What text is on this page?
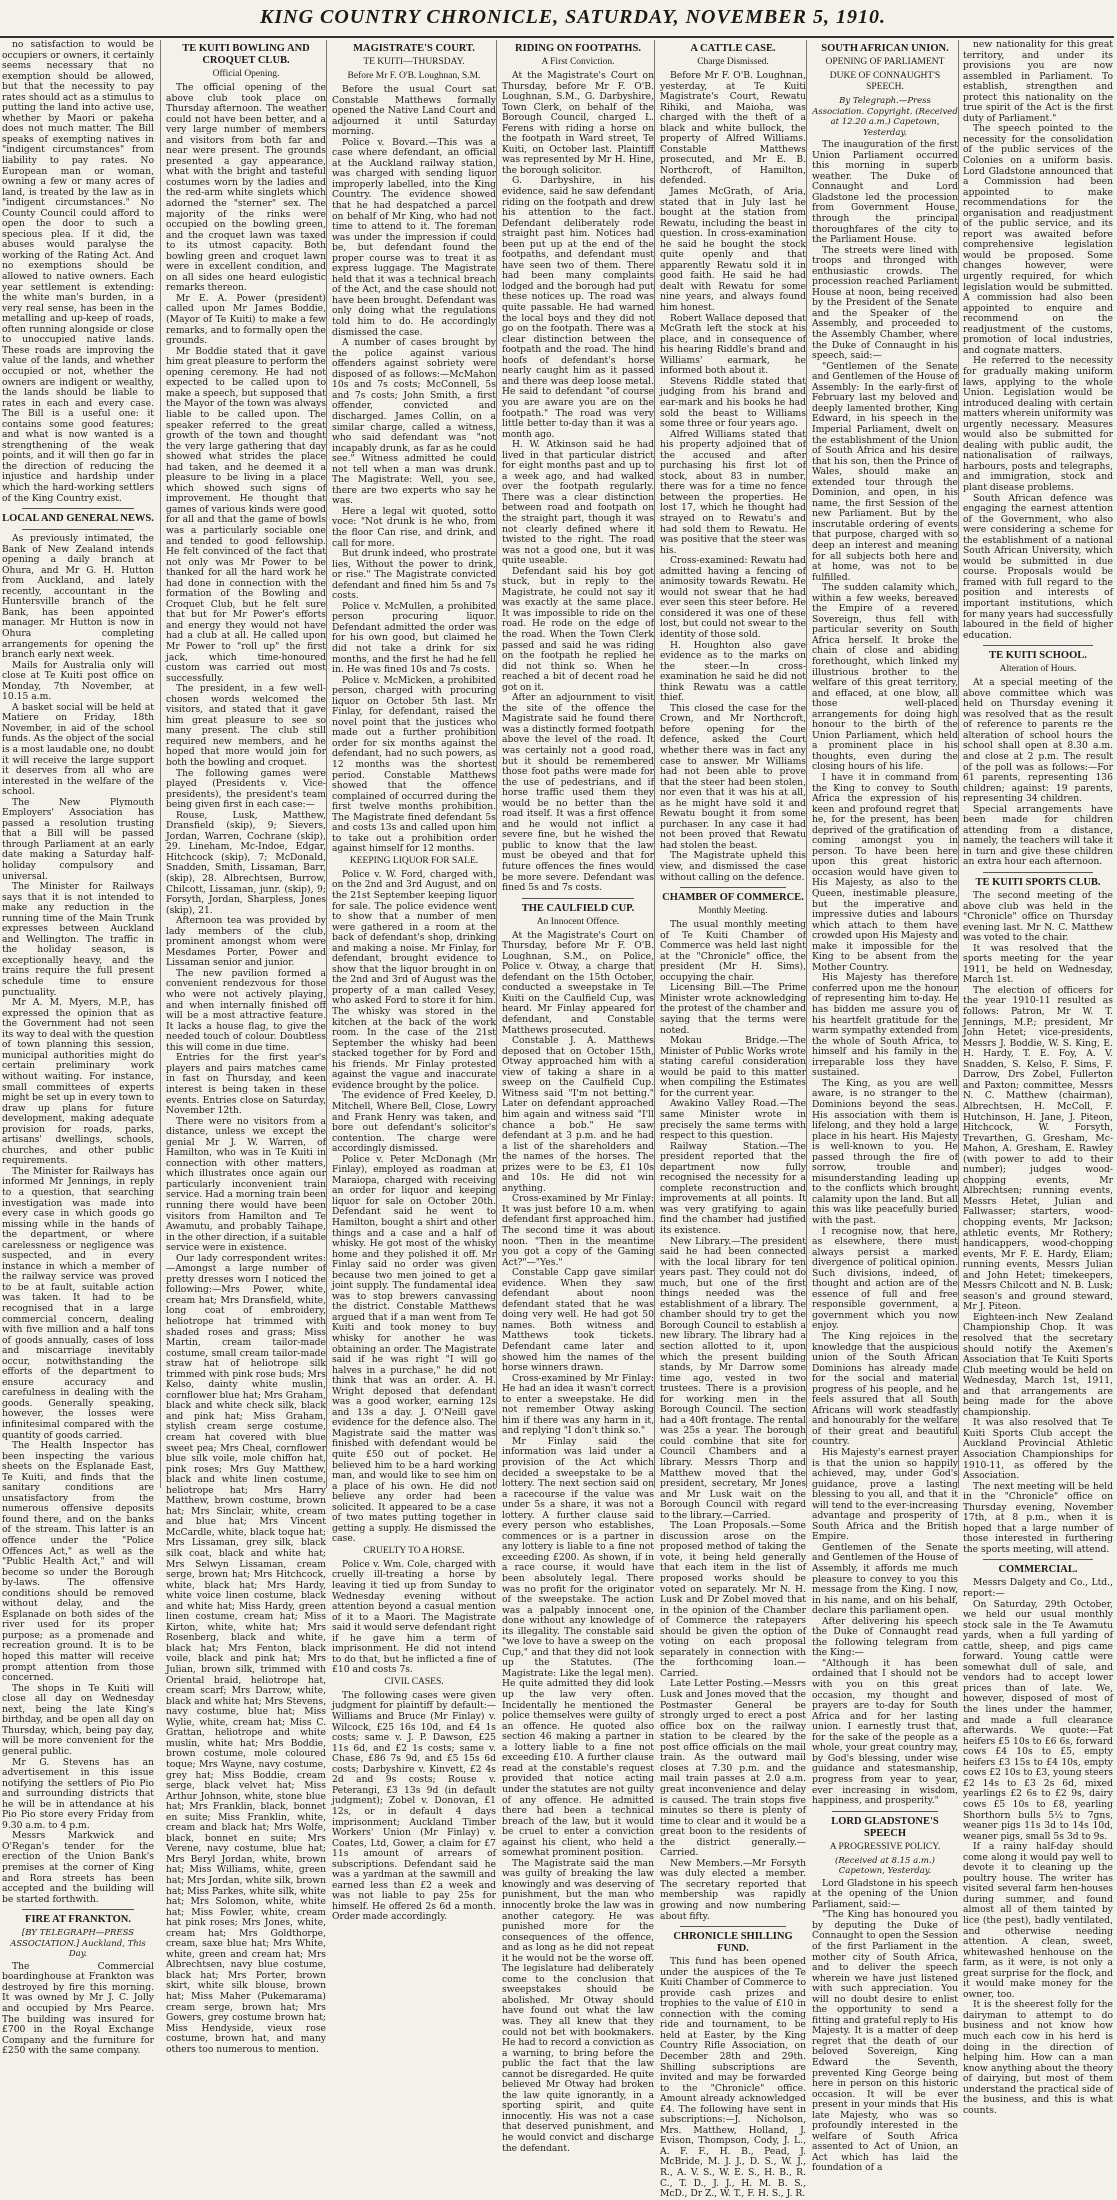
KING COUNTRY CHRONICLE, SATURDAY, NOVEMBER 5, 1910.

no satisfaction to would be occupiers or owners, it certainly seems necessary that no exemption should be allowed, but that the necessity to pay rates should act as a stimulus to putting the land into active use, whether by Maori or pakeha does not much matter. The Bill speaks of exempting natives in "indigent circumstances" from liability to pay rates. No European man or woman, owning a few or many acres of land, is treated by the law as in "indigent circumstances." No County Council could afford to open the door to such a specious plea. If it did, the abuses would paralyse the working of the Rating Act. And no exemptions should be allowed to native owners. Each year settlement is extending: the white man's burden, in a very real sense, has been in the metalling and up-keep of roads, often running alongside or close to unoccupied native lands. These roads are improving the value of the lands, and whether occupied or not, whether the owners are indigent or wealthy, the lands should be liable to rates in each and every case. The Bill is a useful one: it contains some good features; and what is now wanted is a strengthening of the weak points, and it will then go far in the direction of reducing the injustice and hardship under which the hard-working settlers of the King Country exist.

LOCAL AND GENERAL NEWS.

As previously intimated, the Bank of New Zealand intends opening a daily branch at Ohura, and Mr G. H. Hutton from Auckland, and lately recently, accountant in the Huntersville branch of the Bank, has been appointed manager. Mr Hutton is now in Ohura completing arrangements for opening the branch early next week.

Mails for Australia only will close at Te Kuiti post office on Monday, 7th November, at 10.15 a.m.

A basket social will be held at Matiere on Friday, 18th November, in aid of the school funds. As the object of the social is a most laudable one, no doubt it will receive the large support it deserves from all who are interested in the welfare of the school.

The New Plymouth Employers' Association has passed a resolution trusting that a Bill will be passed through Parliament at an early date making a Saturday half-holiday compulsory and universal.

The Minister for Railways says that it is not intended to make any reduction in the running time of the Main Trunk expresses between Auckland and Wellington. The traffic in the holiday season, is exceptionally heavy, and the trains require the full present schedule time to ensure punctuality.

Mr A. M. Myers, M.P., has expressed the opinion that as the Government had not seen its way to deal with the question of town planning this session, municipal authorities might do certain preliminary work without waiting. For instance, small committees of experts might be set up in every town to draw up plans for future development, making adequate provision for roads, parks, artisans' dwellings, schools, churches, and other public requirements.

The Minister for Railways has informed Mr Jennings, in reply to a question, that searching investigation was made into every case in which goods go missing while in the hands of the department, or where carelessness or negligence was suspected, and in every instance in which a member of the railway service was proved to be at fault, suitable action was taken. It had to be recognised that in a large commercial concern, dealing with five million and a half tons of goods annually, cases of loss and miscarriage inevitably occur, notwithstanding the efforts of the department to ensure accuracy and carefulness in dealing with the goods. Generally speaking, however, the losses were infinitesimal compared with the quantity of goods carried.

The Health Inspector has been inspecting the various sheets on the Esplanade East, Te Kuiti, and finds that the sanitary conditions are unsatisfactory from the numerous offensive deposits found there, and on the banks of the stream. This latter is an offence under the "Police Offences Act," as well as the "Public Health Act," and will become so under the Borough by-laws. The offensive conditions should be removed without delay, and the Esplanade on both sides of the river used for its proper purpose; as a promenade and recreation ground. It is to be hoped this matter will receive prompt attention from those concerned.

The shops in Te Kuiti will close all day on Wednesday next, being the late King's birthday, and be open all day on Thursday, which, being pay day, will be more convenient for the general public.

Mr G. Stevens has an advertisement in this issue notifying the settlers of Pio Pio and surrounding districts that he will be in attendance at his Pio Pio store every Friday from 9.30 a.m. to 4 p.m.

Messrs Markwick and O'Regan's tender for the erection of the Union Bank's premises at the corner of King and Rora streets has been accepted and the building will be started forthwith.

FIRE AT FRANKTON.
[BY TELEGRAPH—PRESS ASSOCIATION.] Auckland, This Day.

The Commercial boardinghouse at Frankton was destroyed by fire this morning. It was owned by Mr J. C. Jolly and occupied by Mrs Pearce. The building was insured for £700 in the Royal Exchange Company and the furniture for £250 with the same company.

TE KUITI BOWLING AND CROQUET CLUB.
Official Opening.

The official opening of the above club took place on Thursday afternoon. The weather could not have been better, and a very large number of members and visitors from both far and near were present. The grounds presented a gay appearance, what with the bright and tasteful costumes worn by the ladies and the red-arm white singlets which adorned the "sterner" sex. The majority of the rinks were occupied on the bowling green, and the croquet lawn was taxed to its utmost capacity. Both bowling green and croquet lawn were in excellent condition, and on all sides one heard eulogistic remarks thereon.

Mr E. A. Power (president) called upon Mr James Boddie, (Mayor of Te Kuiti) to make a few remarks, and to formally open the grounds.

Mr Boddie stated that it gave him great pleasure to perform the opening ceremony. He had not expected to be called upon to make a speech, but supposed that the Mayor of the town was always liable to be called upon. The speaker referred to the great growth of the town and thought the very large gathering that day showed what strides the place had taken, and he deemed it a pleasure to be living in a place which showed such signs of improvement. He thought that games of various kinds were good for all and that the game of bowls was a particularly sociable one and tended to good fellowship. He felt convinced of the fact that not only was Mr Power to be thanked for all the hard work he had done in connection with the formation of the Bowling and Croquet Club, but he felt sure that but for Mr Power's efforts and energy they would not have had a club at all. He called upon Mr Power to "roll up" the first jack, which time-honoured custom was carried out most successfully.

The president, in a few well-chosen words welcomed the visitors, and stated that it gave him great pleasure to see so many present. The club still required new members, and he hoped that more would join for both the bowling and croquet.

The following games were played (Presidents v. Vice-presidents), the president's team being given first in each case:—

Rouse, Lusk, Matthew, Dransfield (skip), 9; Sievers, Jordan, Warren, Cochrane (skip), 29. Lineham, Mc-Indoe, Edgar, Hitchcock (skip), 7; McDonald, Snadden, Smith, Lissaman, Barr, (skip), 28. Albrechtsen, Burrow, Chilcott, Lissaman, junr. (skip), 9; Forsyth, Jordan, Sharpless, Jones (skip), 21.

Afternoon tea was provided by lady members of the club, prominent amongst whom were Mesdames Porter, Power and Lissaman senior and junior.

The new pavilion formed a convenient rendezvous for those who were not actively playing, and when internally finished off will be a most attractive feature. It lacks a house flag, to give the needed touch of colour. Doubtless this will come in due time.

Entries for the first year's players and pairs matches came in fast on Thursday, and keen interest is being taken in these events. Entries close on Saturday, November 12th.

There were no visitors from a distance, unless we except the genial Mr J. W. Warren, of Hamilton, who was in Te Kuiti in connection with other matters, which illustrates once again our particularly inconvenient train service. Had a morning train been running there would have been visitors from Hamilton and Te Awamutu, and probably Taihape, in the other direction, if a suitable service were in existence.

Our lady correspondent writes:—Amongst a large number of pretty dresses worn I noticed the following:—Mrs Power, white, cream hat; Mrs Dransfield, white, long coat of embroidery, heliotrope hat trimmed with shaded roses and grass; Miss Martin, cream tailor-made costume, small cream tailor-made straw hat of heliotrope silk trimmed with pink rose buds; Mrs Kelso, dainty white muslin, cornflower blue hat; Mrs Graham, black and white check silk, black and pink hat; Miss Graham, stylish cream serge costume, cream hat covered with blue sweet pea; Mrs Cheal, cornflower blue silk voile, mole chiffon hat, pink roses; Mrs Guy Matthew, black and white linen costume, heliotrope hat; Mrs Harry Matthew, brown costume, brown hat; Mrs Sinclair, white, cream and blue hat; Mrs Vincent McCardle, white, black toque hat; Mrs Lissaman, grey silk, black silk coat, black and white hat; Mrs Selwyn Lissaman, cream serge, brown hat; Mrs Hitchcock, white, black hat; Mrs Hardy, white voice linen costume, black and white hat; Miss Hardy, green linen costume, cream hat; Miss Kirton, white, white hat; Mrs Rosenberg, black and white, black hat; Mrs Fenton, black voile, black and pink hat; Mrs Julian, brown silk, trimmed with Oriental braid, heliotrope hat, cream scarf; Mrs Darrow, white, black and white hat; Mrs Stevens, navy costume, blue hat; Miss Wylie, white, cream hat; Miss C. Grattan, heliotrope and white muslin, white hat; Mrs Boddie, brown costume, mole coloured toque; Mrs Wayne, navy costume, grey hat; Miss Boddie, cream serge, black velvet hat; Miss Arthur Johnson, white, stone blue hat; Mrs Franklin, black, bonnet en suite; Miss Franklin, white, cream and black hat; Mrs Wolfe, black, bonnet en suite; Mrs Verene, navy costume, blue hat; Mrs Beryl Jordan, white, brown hat; Miss Williams, white, green hat; Mrs Jordan, white silk, brown hat; Miss Parkes, white silk, white hat; Mrs Solomon, white, white hat; Miss Fowler, white, cream hat pink roses; Mrs Jones, white, cream hat; Mrs Goldthorpe, cream, saxe blue hat; Mrs White, white, green and cream hat; Mrs Albrechtsen, navy blue costume, black hat; Mrs Porter, brown skirt, white silk blouse, brown hat; Miss Maher (Pukemarama) cream serge, brown hat; Mrs Gowers, grey costume brown hat; Miss Hendyside, vieux rose costume, brown hat, and many others too numerous to mention.

MAGISTRATE'S COURT.
TE KUITI—THURSDAY.
Before Mr F. O'B. Loughnan, S.M.

Before the usual Court sat Constable Matthews formally opened the Native Land Court and adjourned it until Saturday morning.

Police v. Bovard.—This was a case where defendant, an official at the Auckland railway station, was charged with sending liquor improperly labelled, into the King Country. The evidence showed that he had despatched a parcel on behalf of Mr King, who had not time to attend to it. The foreman was under the impression if could be, but defendant found the proper course was to treat it as express luggage. The Magistrate held that it was a technical breach of the Act, and the case should not have been brought. Defendant was only doing what the regulations told him to do. He accordingly dismissed the case.

A number of cases brought by the police against various offenders against sobriety were disposed of as follows:—McMahon 10s and 7s costs; McConnell, 5s and 7s costs; John Smith, a first offender, convicted and discharged. James Collin, on a similar charge, called a witness, who said defendant was "not incapably drunk, as far as he could see." Witness admitted he could not tell when a man was drunk. The Magistrate: Well, you see, there are two experts who say he was.

Here a legal wit quoted, sotto voce: "Not drunk is he who, from the floor Can rise, and drink, and call for more.

But drunk indeed, who prostrate lies, Without the power to drink, or rise." The Magistrate convicted defendant and fined him 5s and 7s costs.

Police v. McMullen, a prohibited person procuring liquor. Defendant admitted the order was for his own good, but claimed he did not take a drink for six months, and the first he had he fell in. He was fined 10s and 7s costs.

Police v. McMicken, a prohibited person, charged with procuring liquor on October 5th last. Mr Finlay, for defendant, raised the novel point that the justices who made out a further prohibition order for six months against the defendant, had no such powers, as 12 months was the shortest period. Constable Matthews showed that the offence complained of occurred during the first twelve months prohibition. The Magistrate fined defendant 5s and costs 13s and called upon him to take out a prohibition order against himself for 12 months.

KEEPING LIQUOR FOR SALE.

Police v. W. Ford, charged with, on the 2nd and 3rd August, and on the 21st September keeping liquor for sale. The police evidence went to show that a number of men were gathered in a room at the back of defendant's shop, drinking and making a noise. Mr Finlay, for defendant, brought evidence to show that the liquor brought in on the 2nd and 3rd of August was the property of a man called Vesey, who asked Ford to store it for him. The whisky was stored in the kitchen at the back of the work room. In the case of the 21st September the whisky had been stacked together for by Ford and his friends. Mr Finlay protested against the vague and inaccurate evidence brought by the police.

The evidence of Fred Keeley, D. Mitchell, Where Bell, Close, Lowry and Frank Henry was taken, and bore out defendant's solicitor's contention. The charge were accordingly dismissed.

Police v. Peter McDonagh (Mr Finlay), employed as roadman at Maraiopa, charged with receiving an order for liquor and keeping liquor for sale on October 20th. Defendant said he went to Hamilton, bought a shirt and other things and a case and a half of whisky. He got most of the whisky home and they polished it off. Mr Finlay said no order was given because two men joined to get a joint supply. The fundamental idea was to stop brewers canvassing the district. Constable Matthews argued that if a man went from Te Kuiti and took money to buy whisky for another he was obtaining an order. The Magistrate said if he was right "I will go halves in a purchase," he did not think that was an order. A. H. Wright deposed that defendant was a good worker, earning 12s and 13s a day. J. O'Neill gave evidence for the defence also. The Magistrate said the matter was finished with defendant would be quite £50 out of pocket. He believed him to be a hard working man, and would like to see him on a place of his own. He did not believe any order had been solicited. It appeared to be a case of two mates putting together in getting a supply. He dismissed the case.

CRUELTY TO A HORSE.

Police v. Wm. Cole, charged with cruelly ill-treating a horse by leaving it tied up from Sunday to Wednesday evening without attention beyond a casual mention of it to a Maori. The Magistrate said it would serve defendant right if he gave him a term of imprisonment. He did not intend to do that, but he inflicted a fine of £10 and costs 7s.

CIVIL CASES.

The following cases were given judgment for plaintiff by default:—Williams and Bruce (Mr Finlay) v. Wilcock, £25 16s 10d, and £4 1s costs; same v. J. P. Dawson, £25 11s 6d, and £2 1s costs; same v. Chase, £86 7s 9d, and £5 15s 6d costs; Darbyshire v. Kinvett, £2 4s 2d and 9s costs; Rouse v. Peterangi, £3 13s 9d (in default judgment); Zobel v. Donovan, £1 12s, or in default 4 days imprisonment; Auckland Timber Workers' Union (Mr Finlay) v. Coates, Ltd, Gower, a claim for £7 11s amount of arrears of subscriptions. Defendant said he was a yardman at the sawmill and earned less than £2 a week and was not liable to pay 25s for himself. He offered 2s 6d a month. Order made accordingly.

RIDING ON FOOTPATHS.
A First Conviction.

At the Magistrate's Court on Thursday, before Mr F. O'B. Loughnan, S.M., G. Darbyshire, Town Clerk, on behalf of the Borough Council, charged L. Ferens with riding a horse on the footpath in Ward street, Te Kuiti, on October last. Plaintiff was represented by Mr H. Hine, the borough solicitor.

G. Darbyshire, in his evidence, said he saw defendant riding on the footpath and drew his attention to the fact. Defendant deliberately rode straight past him. Notices had been put up at the end of the footpaths, and defendant must have seen two of them. There had been many complaints lodged and the borough had put these notices up. The road was quite passable. He had warned the local boys and they did not go on the footpath. There was a clear distinction between the footpath and the road. The hind hoofs of defendant's horse nearly caught him as it passed and there was deep loose metal. He said to defendant "of course you are aware you are on the footpath." The road was very little better to-day than it was a month ago.

H. W. Atkinson said he had lived in that particular district for eight months past and up to a week ago, and had walked over the footpath regularly. There was a clear distinction between road and footpath on the straight part, though it was not clearly defined where it twisted to the right. The road was not a good one, but it was quite useable.

Defendant said his boy got stuck, but in reply to the Magistrate, he could not say it was exactly at the same place. It was impossible to ride on the road. He rode on the edge of the road. When the Town Clerk passed and said he was riding on the footpath he replied he did not think so. When he reached a bit of decent road he got on it.

After an adjournment to visit the site of the offence the Magistrate said he found there was a distinctly formed footpath above the level of the road. It was certainly not a good road, but it should be remembered those foot paths were made for the use of pedestrians, and if horse traffic used them they would be no better than the road itself. It was a first offence and he would not inflict a severe fine, but he wished the public to know that the law must be obeyed and that for future offences the fines would be more severe. Defendant was fined 5s and 7s costs.

THE CAULFIELD CUP.
An Innocent Offence.

At the Magistrate's Court on Thursday, before Mr F. O'B. Loughnan, S.M., on Police, Police v. Otway, a charge that defendant on the 15th October, conducted a sweepstake in Te Kuiti on the Caulfield Cup, was heard. Mr Finlay appeared for defendant, and Constable Matthews prosecuted.

Constable J. A. Matthews deposed that on October 15th, Otway approached him with a view of taking a share in a sweep on the Caulfield Cup. Witness said "I'm not betting." Later on defendant approached him again and witness said "I'll chance a bob." He saw defendant at 3 p.m. and he had a list of the shareholders and the names of the horses. The prizes were to be £3, £1 10s and 10s. He did not win anything.

Cross-examined by Mr Finlay: It was just before 10 a.m. when defendant first approached him. The second time it was about noon. "Then in the meantime you got a copy of the Gaming Act?"—"Yes."

Constable Capp gave similar evidence. When they saw defendant about noon defendant stated that he was doing very well. He had got 50 names. Both witness and Matthews took tickets. Defendant came later and showed him the names of the horse winners drawn.

Cross-examined by Mr Finlay: He had an idea it wasn't correct to enter a sweepstake. He did not remember Otway asking him if there was any harm in it, and replying "I don't think so."

Mr Finlay said the information was laid under a provision of the Act which decided a sweepstake to be a lottery. The next section said on a racecourse if the value was under 5s a share, it was not a lottery. A further clause said every person who establishes, commences or is a partner in any lottery is liable to a fine not exceeding £200. As shown, if in a race course, it would have been absolutely legal. There was no profit for the originator of the sweepstake. The action was a palpably innocent one, done without any knowledge of its illegality. The constable said "we love to have a sweep on the Cup," and that they did not look up the Statutes. (The Magistrate: Like the legal men). He quite admitted they did look up the law very often. Incidentally he mentioned the police themselves were guilty of an offence. He quoted also section 46 making a partner in a lottery liable to a fine not exceeding £10. A further clause read at the constable's request provided that notice acting under the statutes are not guilty of any offence. He admitted there had been a technical breach of the law, but it would be cruel to enter a conviction against his client, who held a somewhat prominent position.

The Magistrate said the man was guilty of breaking the law knowingly and was deserving of punishment, but the man who innocently broke the law was in another category. He was punished more for the consequences of the offence, and as long as he did not repeat it he would not be the worse off. The legislature had deliberately come to the conclusion that sweepstakes should be abolished. Mr Otway should have found out what the law was. They all knew that they could not bet with bookmakers. He had to record a conviction as a warning, to bring before the public the fact that the law cannot be disregarded. He quite believed Mr Otway had broken the law quite ignorantly, in a sporting spirit, and quite innocently. His was not a case that deserved punishment, and he would convict and discharge the defendant.

A CATTLE CASE.
Charge Dismissed.

Before Mr F. O'B. Loughnan, yesterday, at Te Kuiti Magistrate's Court, Rewatu Rihiki, and Maioha, was charged with the theft of a black and white bullock, the property of Alfred Williams. Constable Matthews prosecuted, and Mr E. B. Northcroft, of Hamilton, defended.

James McGrath, of Aria, stated that in July last he bought at the station from Rewatu, including the beast in question. In cross-examination he said he bought the stock quite openly and that apparently Rewatu sold it in good faith. He said he had dealt with Rewatu for some nine years, and always found him honest.

Robert Wallace deposed that McGrath left the stock at his place, and in consequence of his hearing Riddle's brand and Williams' earmark, he informed both about it.

Stevens Riddle stated that judging from his brand and ear-mark and his books he had sold the beast to Williams some three or four years ago.

Alfred Williams stated that his property adjoined that of the accused and after purchasing his first lot of stock, about 83 in number, there was for a time no fence between the properties. He lost 17, which he thought had strayed on to Rewatu's and had sold them to Rewatu. He was positive that the steer was his.

Cross-examined: Rewatu had admitted having a fencing of animosity towards Rewatu. He would not swear that he had ever seen this steer before. He considered it was one of these lost, but could not swear to the identity of those sold.

H. Houghton also gave evidence as to the marks on the steer.—In cross-examination he said he did not think Rewatu was a cattle thief.

This closed the case for the Crown, and Mr Northcroft, before opening for the defence, asked the Court whether there was in fact any case to answer. Mr Williams had not been able to prove that the steer had been stolen, nor even that it was his at all, as he might have sold it and Rewatu bought it from some purchaser. In any case it had not been proved that Rewatu had stolen the beast.

The Magistrate upheld this view, and dismissed the case without calling on the defence.

CHAMBER OF COMMERCE.
Monthly Meeting.

The usual monthly meeting of Te Kuiti Chamber of Commerce was held last night at the "Chronicle" office, the president (Mr H. Sims), occupying the chair.

Licensing Bill.—The Prime Minister wrote acknowledging the protest of the chamber and saying that the terms were noted.

Mokau Bridge.—The Minister of Public Works wrote stating careful consideration would be paid to this matter when compiling the Estimates for the current year.

Awakino Valley Road.—The same Minister wrote in precisely the same terms with respect to this question.

Railway Station.—The president reported that the department now fully recognised the necessity for a complete reconstruction and improvements at all points. It was very gratifying to again find the chamber had justified its existence.

New Library.—The president said he had been connected with the local library for ten years past. They could not do much, but one of the first things needed was the establishment of a library. The chamber should try to get the Borough Council to establish a new library. The library had a section allotted to it, upon which the present building stands, by Mr Darrow some time ago, vested in two trustees. There is a provision for working men in the Borough Council. The section had a 40ft frontage. The rental was 25s a year. The borough could combine that site for Council Chambers and a library. Messrs Thorp and Matthew moved that the president, secretary, Mr Jones and Mr Lusk wait on the Borough Council with regard to the library.—Carried.

The Loan Proposals.—Some discussion arose on the proposed method of taking the vote, it being held generally that each item in the list of proposed works should be voted on separately. Mr N. H. Lusk and Dr Zobel moved that in the opinion of the Chamber of Commerce the ratepayers should be given the option of voting on each proposal separately in connection with the forthcoming loan.—Carried.

Late Letter Posting.—Messrs Lusk and Jones moved that the Postmaster General be strongly urged to erect a post office box on the railway station to be cleared by the post office officials on the mail train. As the outward mail closes at 7.30 p.m. and the mail train passes at 2.0 a.m. great inconvenience and delay is caused. The train stops five minutes so there is plenty of time to clear and it would be a great boon to the residents of the district generally.—Carried.

New Members.—Mr Forsyth was duly elected a member. The secretary reported that membership was rapidly growing and now numbering about fifty.

CHRONICLE SHILLING FUND.

This fund has been opened under the auspices of the Te Kuiti Chamber of Commerce to provide cash prizes and trophies to the value of £10 in connection with the coming ride and tournament, to be held at Easter, by the King Country Rifle Association, on December 28th and 29th. Shilling subscriptions are invited and may be forwarded to the "Chronicle" office. Amount already acknowledged £4. The following have sent in subscriptions:—J. Nicholson, Mrs. Matthew, Holland, J. Evison, Thompson, Cody, J. L., A. F. F., H. B., Pead, J. McBride, M. J. J., D. S., W. J., R., A. V. S., W. E. S., H. B., R. C., T. D., J. J., H. M. B. S., McD., Dr Z., W. T., F. H. S., J. R.

SOUTH AFRICAN UNION.
OPENING OF PARLIAMENT
DUKE OF CONNAUGHT'S SPEECH.
By Telegraph.—Press Association. Copyright. (Received at 12.20 a.m.) Capetown, Yesterday.

The inauguration of the first Union Parliament occurred this morning in superb weather. The Duke of Connaught and Lord Gladstone led the procession from Government House, through the principal thoroughfares of the city to the Parliament House.

The streets were lined with troops and thronged with enthusiastic crowds. The procession reached Parliament House at noon, being received by the President of the Senate and the Speaker of the Assembly, and proceeded to the Assembly Chamber, where the Duke of Connaught in his speech, said:—

"Gentlemen of the Senate and Gentlemen of the House of Assembly: In the early-first of February last my beloved and deeply lamented brother, King Edward, in his speech in the Imperial Parliament, dwelt on the establishment of the Union of South Africa and his desire that his son, then the Prince of Wales, should make an extended tour through the Dominion, and open, in his name, the first Session of the new Parliament. But by the inscrutable ordering of events that purpose, charged with so deep an interest and meaning for all subjects both here and at home, was not to be fulfilled.

The sudden calamity which, within a few weeks, bereaved the Empire of a revered Sovereign, thus fell with particular severity on South Africa herself. It broke the chain of close and abiding forethought, which linked my illustrious brother to the welfare of this great territory, and effaced, at one blow, all those well-placed arrangements for doing high honour to the birth of the Union Parliament, which held a prominent place in his thoughts, even during the closing hours of his life.

I have it in command from the King to convey to South Africa the expression of his keen and profound regret that he, for the present, has been deprived of the gratification of coming amongst you in person. To have been here upon this great historic occasion would have given to His Majesty, as also to the Queen, inestimable pleasure, but the imperative and impressive duties and labours which attach to them have crowded upon His Majesty and make it impossible for the King to be absent from the Mother Country.

His Majesty has therefore conferred upon me the honour of representing him to-day. He has bidden me assure you of his heartfelt gratitude for the warm sympathy extended from the whole of South Africa, to himself and his family in the irreparable loss they have sustained.

The King, as you are well aware, is no stranger to the Dominions beyond the seas. His association with them is lifelong, and they hold a large place in his heart. His Majesty is well-known to you. He passed through the fire of sorrow, trouble and misunderstanding leading up to the conflicts which brought calamity upon the land. But all this was like peacefully buried with the past.

I recognise now, that here, as elsewhere, there must always persist a marked divergence of political opinion. Such divisions, indeed, of thought and action are of the essence of full and free responsible government, a government which you now enjoy.

The King rejoices in the knowledge that the auspicious union of the South African Dominions has already made for the social and material progress of his people, and he feels assured that all South Africans will work steadfastly and honourably for the welfare of their great and beautiful country.

His Majesty's earnest prayer is that the union so happily achieved, may, under God's guidance, prove a lasting blessing to you all, and that it will tend to the ever-increasing advantage and prosperity of South Africa and the British Empire.

Gentlemen of the Senate and Gentlemen of the House of Assembly, it affords me much pleasure to convey to you this message from the King. I now, in his name, and on his behalf, declare this parliament open.

After delivering his speech the Duke of Connaught read the following telegram from the King:—

"Although it has been ordained that I should not be with you on this great occasion, my thought and prayers are to-day for South Africa and for her lasting union. I earnestly trust that, for the sake of the people as a whole, your great country may, by God's blessing, under wise guidance and statesmanship, progress from year to year, ever increasing in wisdom, happiness, and prosperity."

LORD GLADSTONE'S SPEECH
A PROGRESSIVE POLICY.
(Received at 8.15 a.m.) Capetown, Yesterday.

Lord Gladstone in his speech at the opening of the Union Parliament, said:—

"The King has honoured you by deputing the Duke of Connaught to open the Session of the first Parliament in the mother city of South Africa, and to deliver the speech wherein we have just listened with such appreciation. You will no doubt desire to enlist the opportunity to send a fitting and grateful reply to His Majesty. It is a matter of deep regret that the death of our beloved Sovereign, King Edward the Seventh, prevented King George being here in person on this historic occasion. It will be ever present in your minds that His late Majesty, who was so profoundly interested in the welfare of South Africa assented to Act of Union, an Act which has laid the foundation of a

new nationality for this great territory, and under its provisions you are now assembled in Parliament. To establish, strengthen and protect this nationality on the true spirit of the Act is the first duty of Parliament."

The speech pointed to the necessity for the consolidation of the public services of the Colonies on a uniform basis. Lord Gladstone announced that a Commission had been appointed to make recommendations for the organisation and readjustment of the public service, and its report was awaited before comprehensive legislation would be proposed. Some changes however, were urgently required, for which legislation would be submitted. A commission had also been appointed to enquire and recommend on the readjustment of the customs, promotion of local industries, and cognate matters.

He referred to the necessity for gradually making uniform laws, applying to the whole Union. Legislation would be introduced dealing with certain matters wherein uniformity was urgently necessary. Measures would also be submitted for dealing with public audit, the nationalisation of railways, harbours, posts and telegraphs, and immigration, stock and plant disease problems.

South African defence was engaging the earnest attention of the Government, who also were considering a scheme for the establishment of a national South African University, which would be submitted in due course. Proposals would be framed with full regard to the position and interests of important institutions, which for many years had successfully laboured in the field of higher education.

TE KUITI SCHOOL.
Alteration of Hours.

At a special meeting of the above committee which was held on Thursday evening it was resolved that as the result of reference to parents re the alteration of school hours the school shall open at 8.30 a.m. and close at 2 p.m. The result of the poll was as follows:—For 61 parents, representing 136 children; against: 19 parents, representing 34 children.

Special arrangements have been made for children attending from a distance, namely, the teachers will take it in turn and give these children an extra hour each afternoon.

TE KUITI SPORTS CLUB.

The second meeting of the above club was held in the "Chronicle" office on Thursday evening last. Mr N. C. Matthew was voted to the chair.

It was resolved that the sports meeting for the year 1911, be held on Wednesday, March 1st.

The election of officers for the year 1910-11 resulted as follows: Patron, Mr W. T. Jennings, M.P.; president, Mr John Hetet; vice-presidents, Messrs J. Boddie, W. S. King, E. H. Hardy, T. E. Foy, A. V. Snadden, S. Kelso, F. Sims, F. Darrow, Drs Zobel, Fullerton and Paxton; committee, Messrs N. C. Matthew (chairman), Albrechtsen, H. McColl, F. Hutchinson, H. Jane, J. Piteon, Hitchcock, W. Forsyth, Trevarthen, G. Gresham, Mc-Mahon, A. Gresham, E. Rawley (with power to add to their number); judges wood-chopping events, Mr Albrechtsen; running events, Messrs Hetet, Julian and Fallwasser; starters, wood-chopping events, Mr Jackson; athletic events, Mr Rothery; handicappers, wood-chopping events, Mr F. E. Hardy, Eliam; running events, Messrs Julian and John Hetet; timekeepers, Messrs Chilcott and N. B. Lusk; season's and ground steward, Mr J. Piteon.

Eighteen-inch New Zealand Championship Chop. It was resolved that the secretary should notify the Axemen's Association that Te Kuiti Sports Club meeting would be held on Wednesday, March 1st, 1911, and that arrangements are being made for the above championship.

It was also resolved that Te Kuiti Sports Club accept the Auckland Provincial Athletic Association Championships for 1910-11, as offered by the Association.

The next meeting will be held in the "Chronicle" office on Thursday evening, November 17th, at 8 p.m., when it is hoped that a large number of those interested in furthering the sports meeting, will attend.

COMMERCIAL.

Messrs Dalgety and Co., Ltd., report:—

On Saturday, 29th October, we held our usual monthly stock sale in the Te Awamutu yards, when a full yarding of cattle, sheep, and pigs came forward. Young cattle were somewhat dull of sale, and vendors had to accept lower prices than of late. We, however, disposed of most of the lines under the hammer, and made a full clearance afterwards. We quote:—Fat heifers £5 10s to £6 6s, forward cows £4 10s to £5, empty heifers £3 15s to £4 10s, empty cows £2 10s to £3, young steers £2 14s to £3 2s 6d, mixed yearlings £2 6s to £2 9s, dairy cows £5 10s to £8, yearling Shorthorn bulls 5½ to 7gns, weaner pigs 11s 3d to 14s 10d, weaner pigs, small 5s 3d to 9s.

If a rainy half-day should come along it would pay well to devote it to cleaning up the poultry house. The writer has visited several farm hen-houses during summer, and found almost all of them tainted by lice (the pest), badly ventilated, and otherwise needing attention. A clean, sweet, whitewashed henhouse on the farm, as it were, is not only a great surprise for the flock, and it would make money for the owner, too.

It is the sheerest folly for the dairyman to attempt to do business and not know how much each cow in his herd is doing in the direction of helping him. How can a man know anything about the theory of dairying, but most of them understand the practical side of the business, and this is what counts.
